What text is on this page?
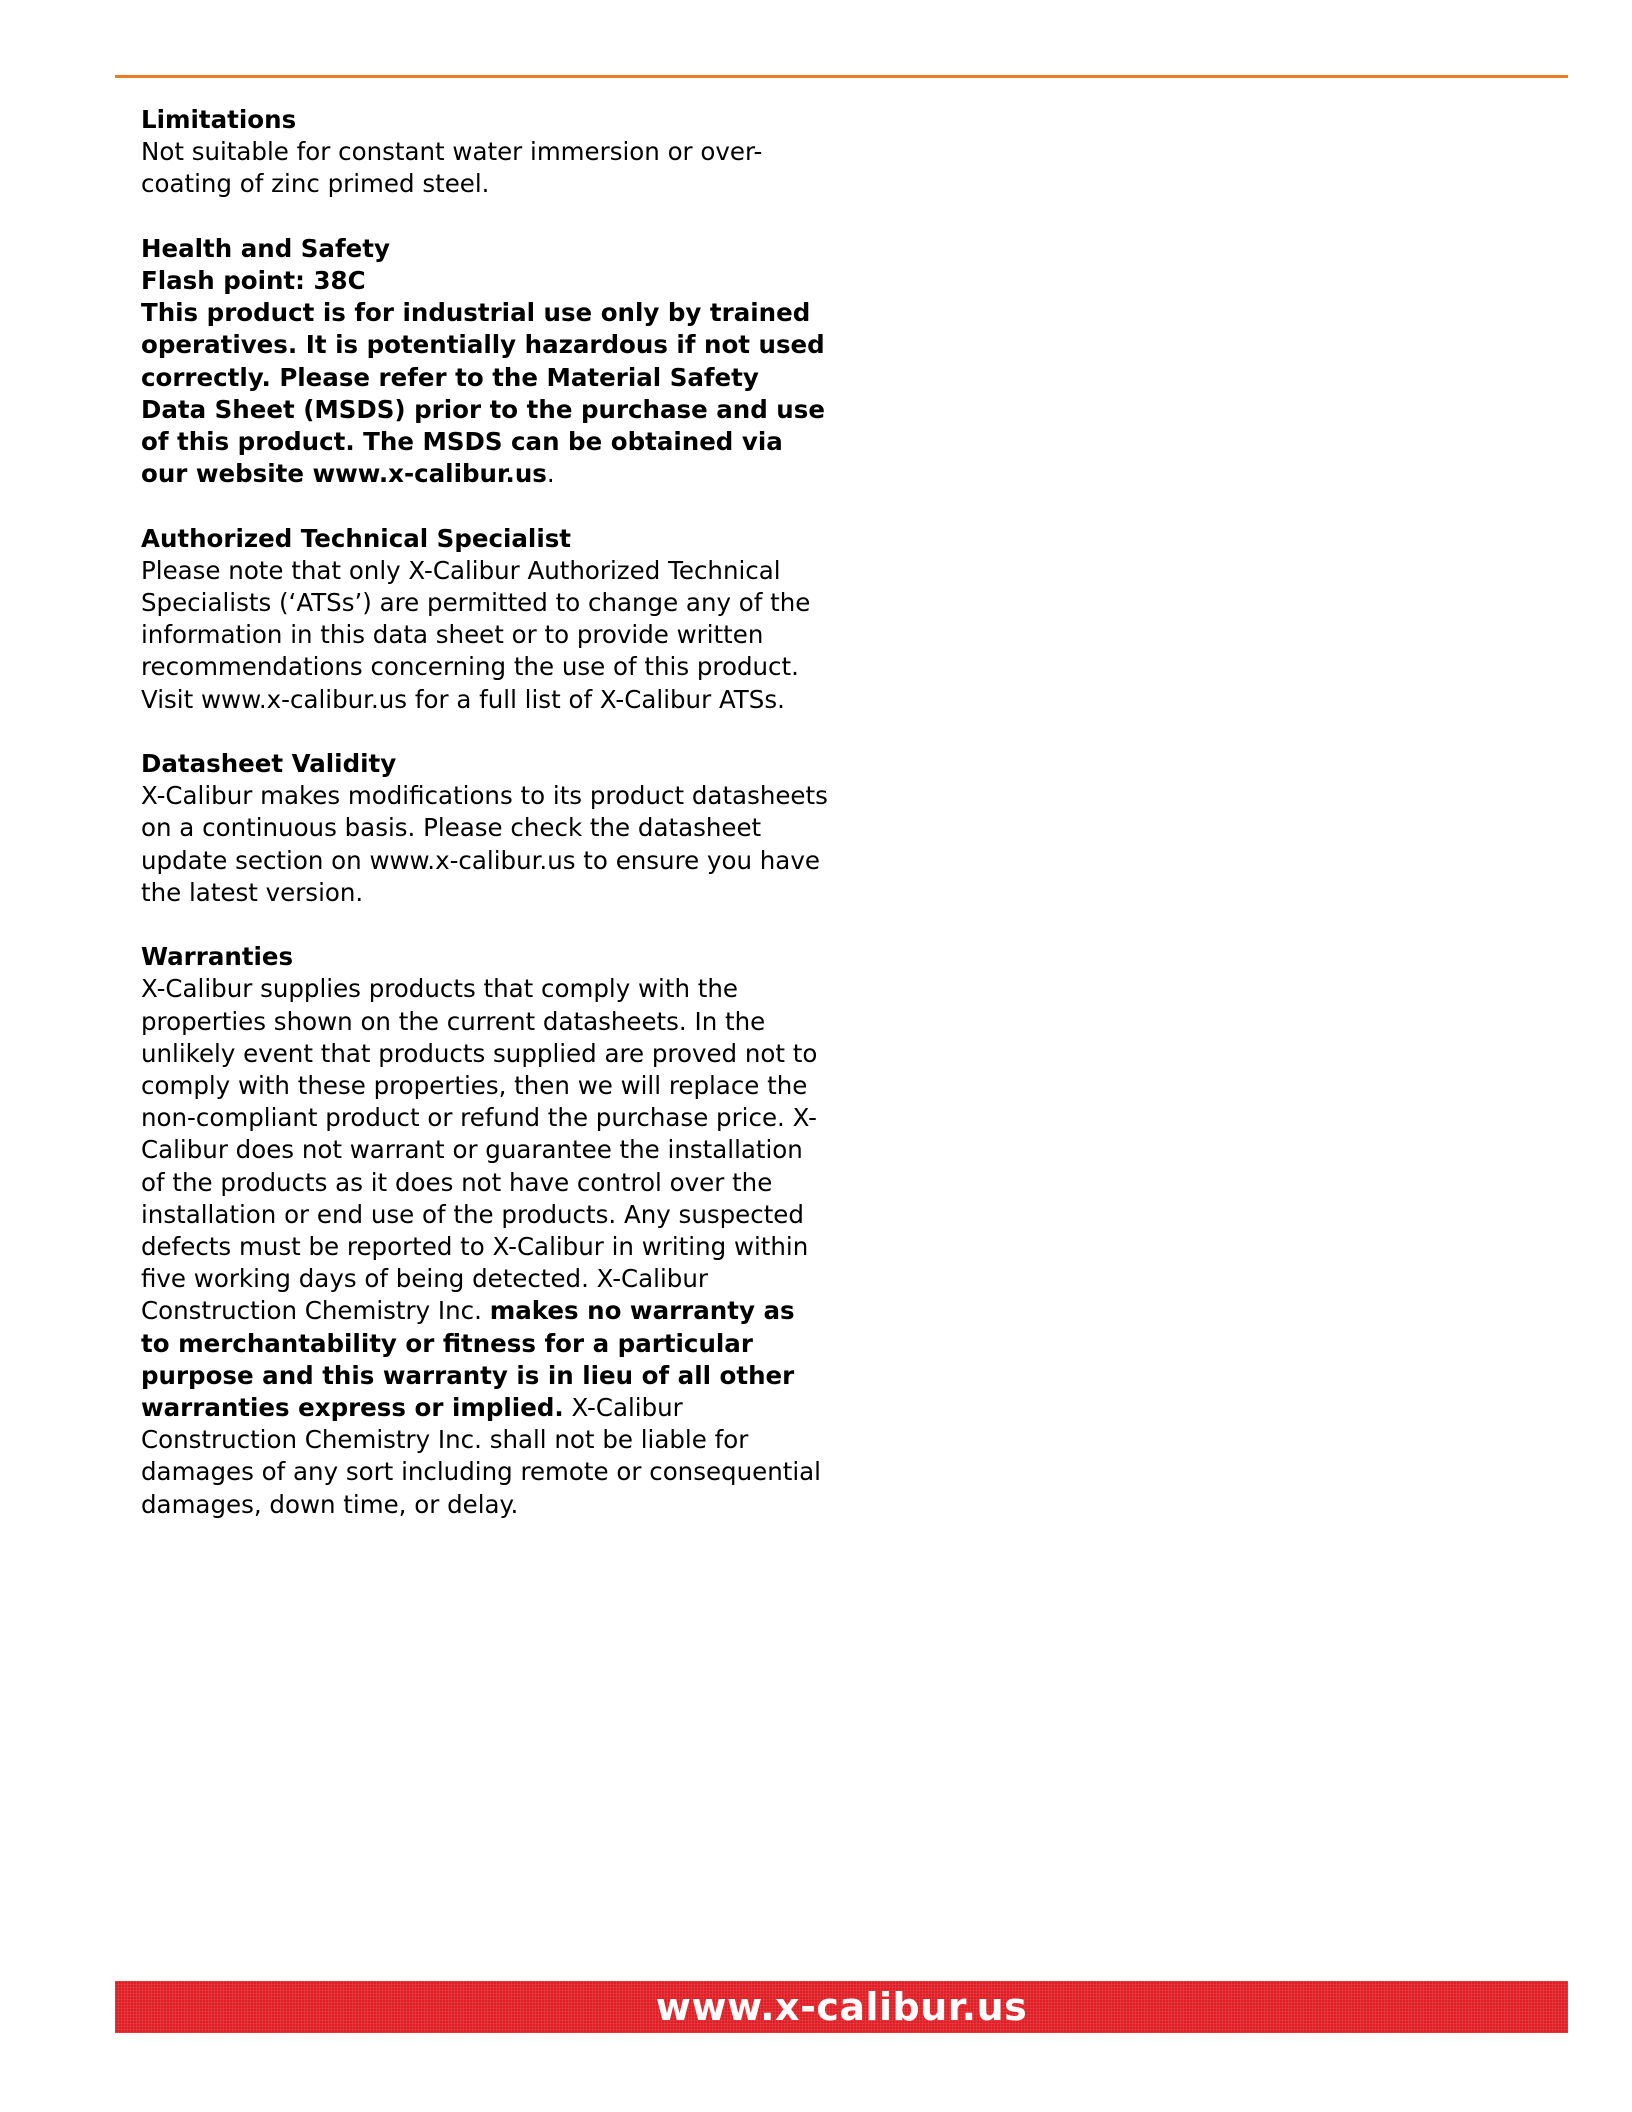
Limitations
Not suitable for constant water immersion or over-coating of zinc primed steel.
Health and Safety
Flash point: 38C
This product is for industrial use only by trained operatives. It is potentially hazardous if not used correctly. Please refer to the Material Safety Data Sheet (MSDS) prior to the purchase and use of this product. The MSDS can be obtained via our website www.x-calibur.us.
Authorized Technical Specialist
Please note that only X-Calibur Authorized Technical Specialists (‘ATSs’) are permitted to change any of the information in this data sheet or to provide written recommendations concerning the use of this product. Visit www.x-calibur.us for a full list of X-Calibur ATSs.
Datasheet Validity
X-Calibur makes modifications to its product datasheets on a continuous basis. Please check the datasheet update section on www.x-calibur.us to ensure you have the latest version.
Warranties
X-Calibur supplies products that comply with the properties shown on the current datasheets. In the unlikely event that products supplied are proved not to comply with these properties, then we will replace the non-compliant product or refund the purchase price. X-Calibur does not warrant or guarantee the installation of the products as it does not have control over the installation or end use of the products. Any suspected defects must be reported to X-Calibur in writing within five working days of being detected. X-Calibur Construction Chemistry Inc. makes no warranty as to merchantability or fitness for a particular purpose and this warranty is in lieu of all other warranties express or implied. X-Calibur Construction Chemistry Inc. shall not be liable for damages of any sort including remote or consequential damages, down time, or delay.
www.x-calibur.us
